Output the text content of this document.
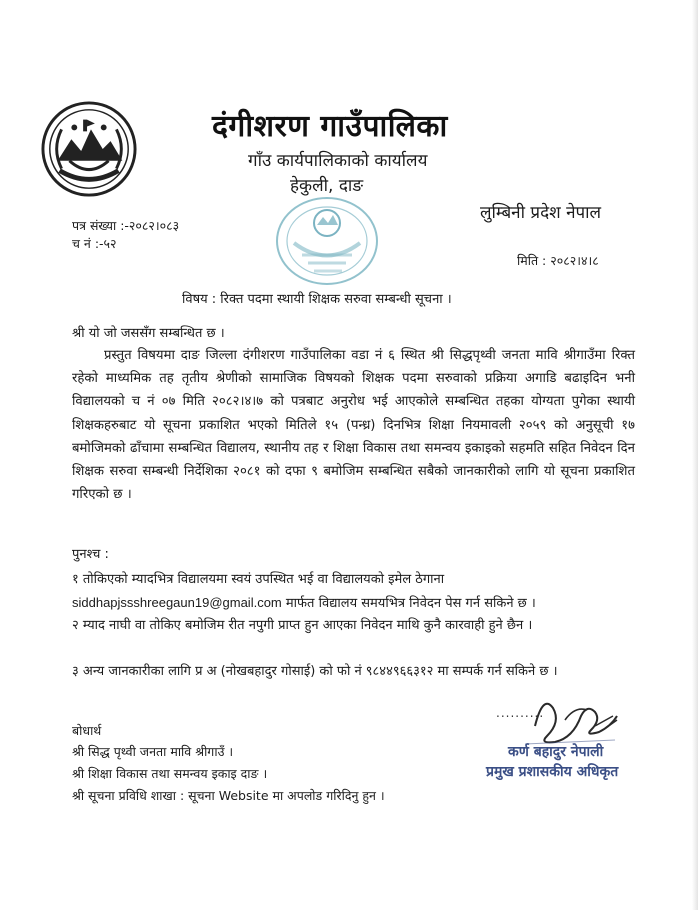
दंगीशरण गाउँपालिका
गाँउ कार्यपालिकाको कार्यालय
हेकुली, दाङ
लुम्बिनी प्रदेश नेपाल
पत्र संख्या :-२०८२।०८३
च नं :-५२
मिति : २०८२।४।८
विषय : रिक्त पदमा स्थायी शिक्षक सरुवा सम्बन्धी सूचना ।
श्री यो जो जससँग सम्बन्धित छ ।

प्रस्तुत विषयमा दाङ जिल्ला दंगीशरण गाउँपालिका वडा नं ६ स्थित श्री सिद्धपृथ्वी जनता मावि श्रीगाउँमा रिक्त रहेको माध्यमिक तह तृतीय श्रेणीको सामाजिक विषयको शिक्षक पदमा सरुवाको प्रक्रिया अगाडि बढाइदिन भनी विद्यालयको च नं ०७ मिति २०८२।४।७ को पत्रबाट अनुरोध भई आएकोले सम्बन्धित तहका योग्यता पुगेका स्थायी शिक्षकहरुबाट यो सूचना प्रकाशित भएको मितिले १५ (पन्ध्र) दिनभित्र शिक्षा नियमावली २०५९ को अनुसूची १७ बमोजिमको ढाँचामा सम्बन्धित विद्यालय, स्थानीय तह र शिक्षा विकास तथा समन्वय इकाइको सहमति सहित निवेदन दिन शिक्षक सरुवा सम्बन्धी निर्देशिका २०८१ को दफा ९ बमोजिम सम्बन्धित सबैको जानकारीको लागि यो सूचना प्रकाशित गरिएको छ ।

पुनश्च :

१ तोकिएको म्यादभित्र विद्यालयमा स्वयं उपस्थित भई वा विद्यालयको इमेल ठेगाना
siddhapjssshreegaun19@gmail.com मार्फत विद्यालय समयभित्र निवेदन पेस गर्न सकिने छ ।

२ म्याद नाघी वा तोकिए बमोजिम रीत नपुगी प्राप्त हुन आएका निवेदन माथि कुनै कारवाही हुने छैन ।

३ अन्य जानकारीका लागि प्र अ (नोखबहादुर गोसाई) को फो नं ९८४४९६६३१२ मा सम्पर्क गर्न सकिने छ ।

..........
कर्ण बहादुर नेपाली
प्रमुख प्रशासकीय अधिकृत
बोधार्थ
श्री सिद्ध पृथ्वी जनता मावि श्रीगाउँ ।
श्री शिक्षा विकास तथा समन्वय इकाइ दाङ ।
श्री सूचना प्रविधि शाखा : सूचना Website मा अपलोड गरिदिनु हुन ।
